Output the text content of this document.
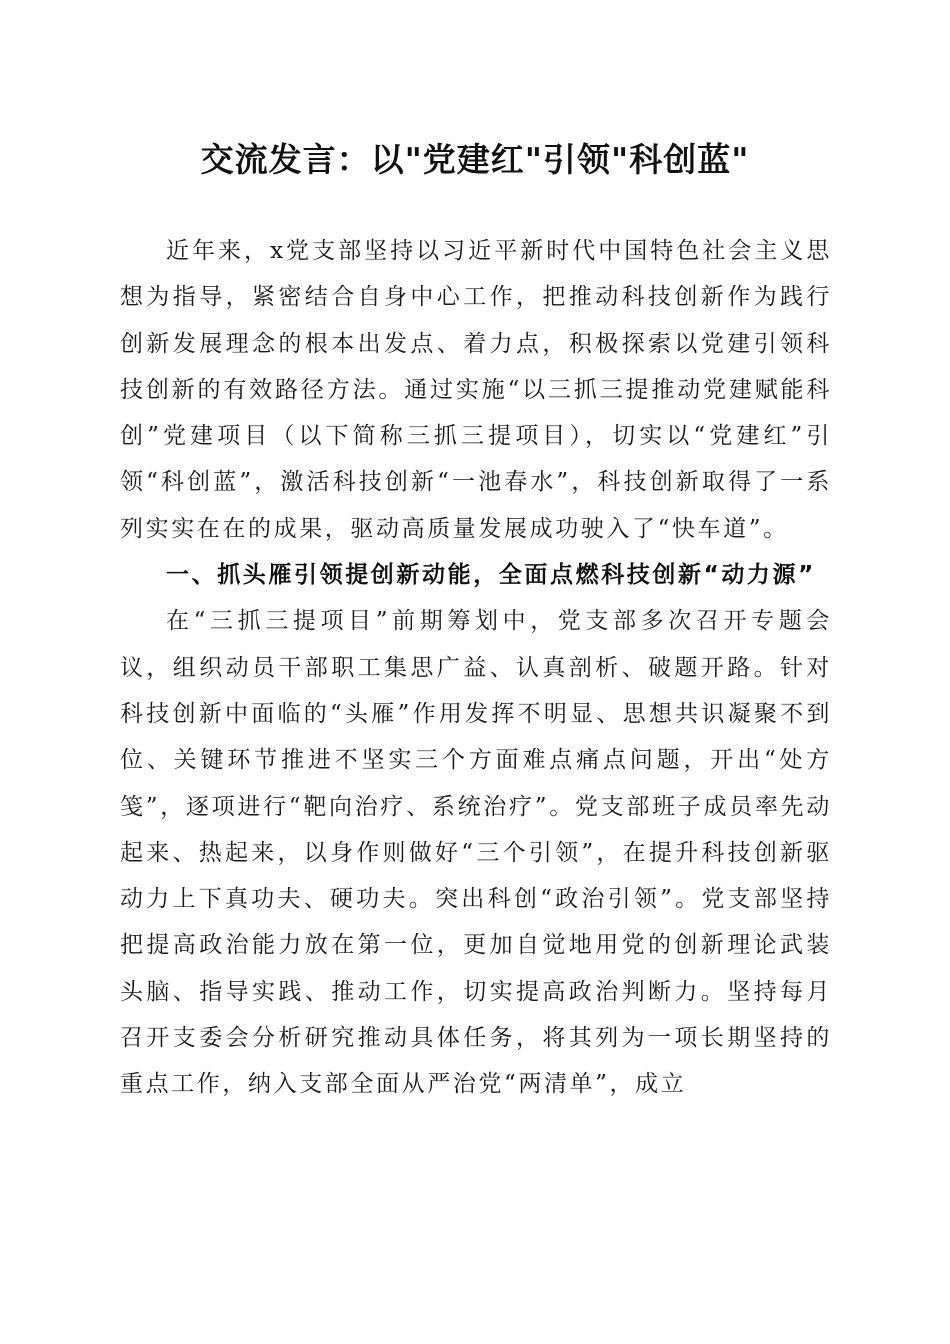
交流发言：以"党建红"引领"科创蓝"

近年来，x党支部坚持以习近平新时代中国特色社会主义思想为指导，紧密结合自身中心工作，把推动科技创新作为践行创新发展理念的根本出发点、着力点，积极探索以党建引领科技创新的有效路径方法。通过实施“以三抓三提推动党建赋能科创”党建项目（以下简称三抓三提项目），切实以“党建红”引领“科创蓝”，激活科技创新“一池春水”，科技创新取得了一系列实实在在的成果，驱动高质量发展成功驶入了“快车道”。

一、抓头雁引领提创新动能，全面点燃科技创新“动力源”

在“三抓三提项目”前期筹划中，党支部多次召开专题会议，组织动员干部职工集思广益、认真剖析、破题开路。针对科技创新中面临的“头雁”作用发挥不明显、思想共识凝聚不到位、关键环节推进不坚实三个方面难点痛点问题，开出“处方笺”，逐项进行“靶向治疗、系统治疗”。党支部班子成员率先动起来、热起来，以身作则做好“三个引领”，在提升科技创新驱动力上下真功夫、硬功夫。突出科创“政治引领”。党支部坚持把提高政治能力放在第一位，更加自觉地用党的创新理论武装头脑、指导实践、推动工作，切实提高政治判断力。坚持每月召开支委会分析研究推动具体任务，将其列为一项长期坚持的重点工作，纳入支部全面从严治党“两清单”，成立
